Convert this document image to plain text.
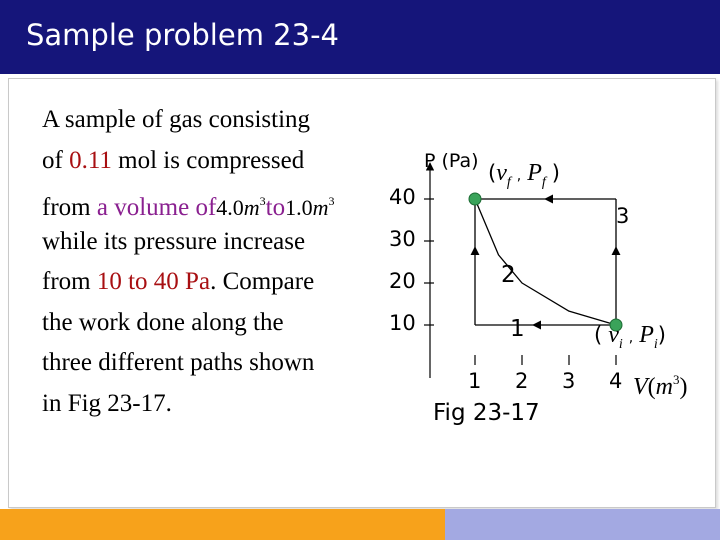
Sample problem 23-4
A sample of gas consisting
of 0.11 mol is compressed
from a volume $of4.0m^3to1.0m^3$
while its pressure increase
from 10 to 40 Pa. Compare
the work done along the
three different paths shown
in Fig 23-17.
P (Pa)
10
20
30
40
1 2 3 4
2
1
3
($v_f$ , $P_f$ )
( $v_i$ , $P_i$)
$V(m^3)$
Fig 23-17
